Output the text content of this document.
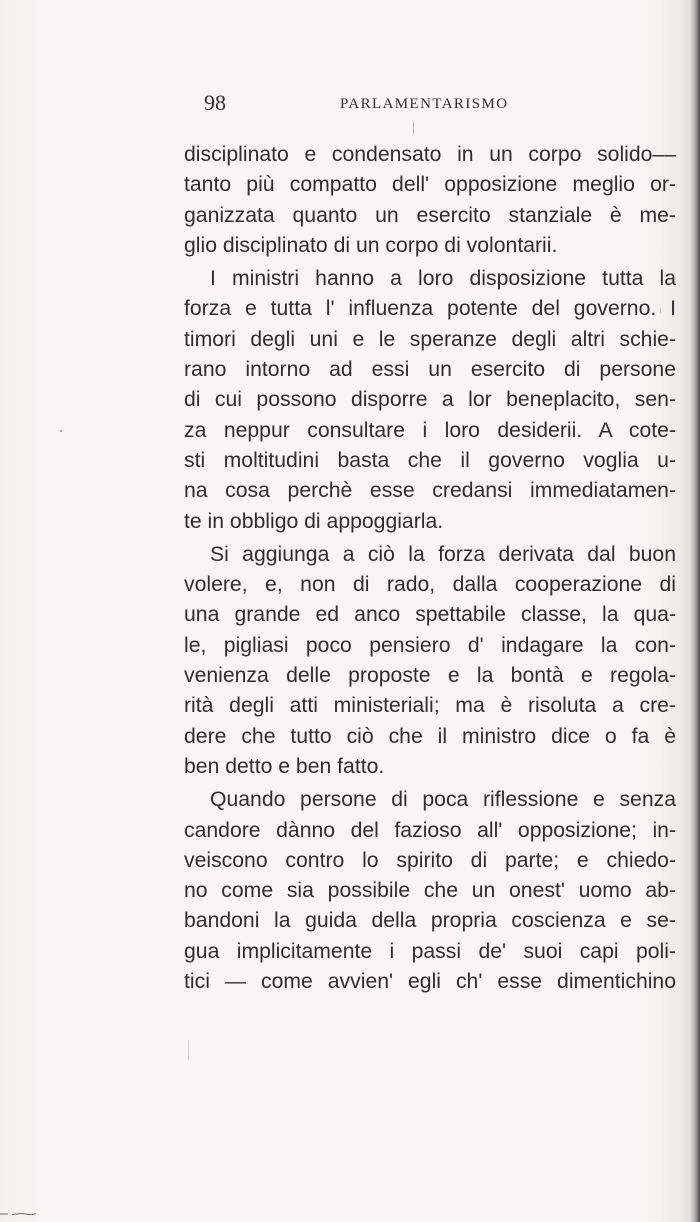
98	PARLAMENTARISMO
disciplinato e condensato in un corpo solido––
tanto più compatto dell' opposizione meglio or-
ganizzata quanto un esercito stanziale è me-
glio disciplinato di un corpo di volontarii.
I ministri hanno a loro disposizione tutta la
forza e tutta l' influenza potente del governo. I
timori degli uni e le speranze degli altri schie-
rano intorno ad essi un esercito di persone
di cui possono disporre a lor beneplacito, sen-
za neppur consultare i loro desiderii. A cote-
sti moltitudini basta che il governo voglia u-
na cosa perchè esse credansi immediatamen-
te in obbligo di appoggiarla.
Si aggiunga a ciò la forza derivata dal buon
volere, e, non di rado, dalla cooperazione di
una grande ed anco spettabile classe, la qua-
le, pigliasi poco pensiero d' indagare la con-
venienza delle proposte e la bontà e regola-
rità degli atti ministeriali; ma è risoluta a cre-
dere che tutto ciò che il ministro dice o fa è
ben detto e ben fatto.
Quando persone di poca riflessione e senza
candore dànno del fazioso all' opposizione; in-
veiscono contro lo spirito di parte; e chiedo-
no come sia possibile che un onest' uomo ab-
bandoni la guida della propria coscienza e se-
gua implicitamente i passi de' suoi capi poli-
tici — come avvien' egli ch' esse dimentichino
